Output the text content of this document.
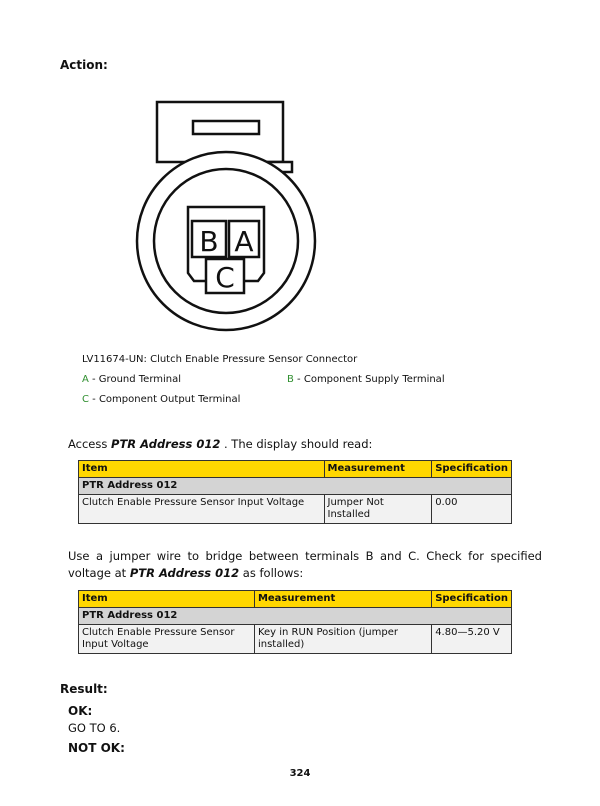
Action:
B A
C
LV11674-UN: Clutch Enable Pressure Sensor Connector
A - Ground Terminal	B - Component Supply Terminal
C - Component Output Terminal
Access PTR Address 012 . The display should read:
Item	Measurement	Specification
PTR Address 012		
Clutch Enable Pressure Sensor Input Voltage	Jumper Not Installed	0.00
Use a jumper wire to bridge between terminals B and C. Check for specified
voltage at PTR Address 012 as follows:
Item	Measurement	Specification
PTR Address 012		
Clutch Enable Pressure Sensor Input Voltage	Key in RUN Position (jumper installed)	4.80—5.20 V
Result:
OK:
GO TO 6.
NOT OK:
324
